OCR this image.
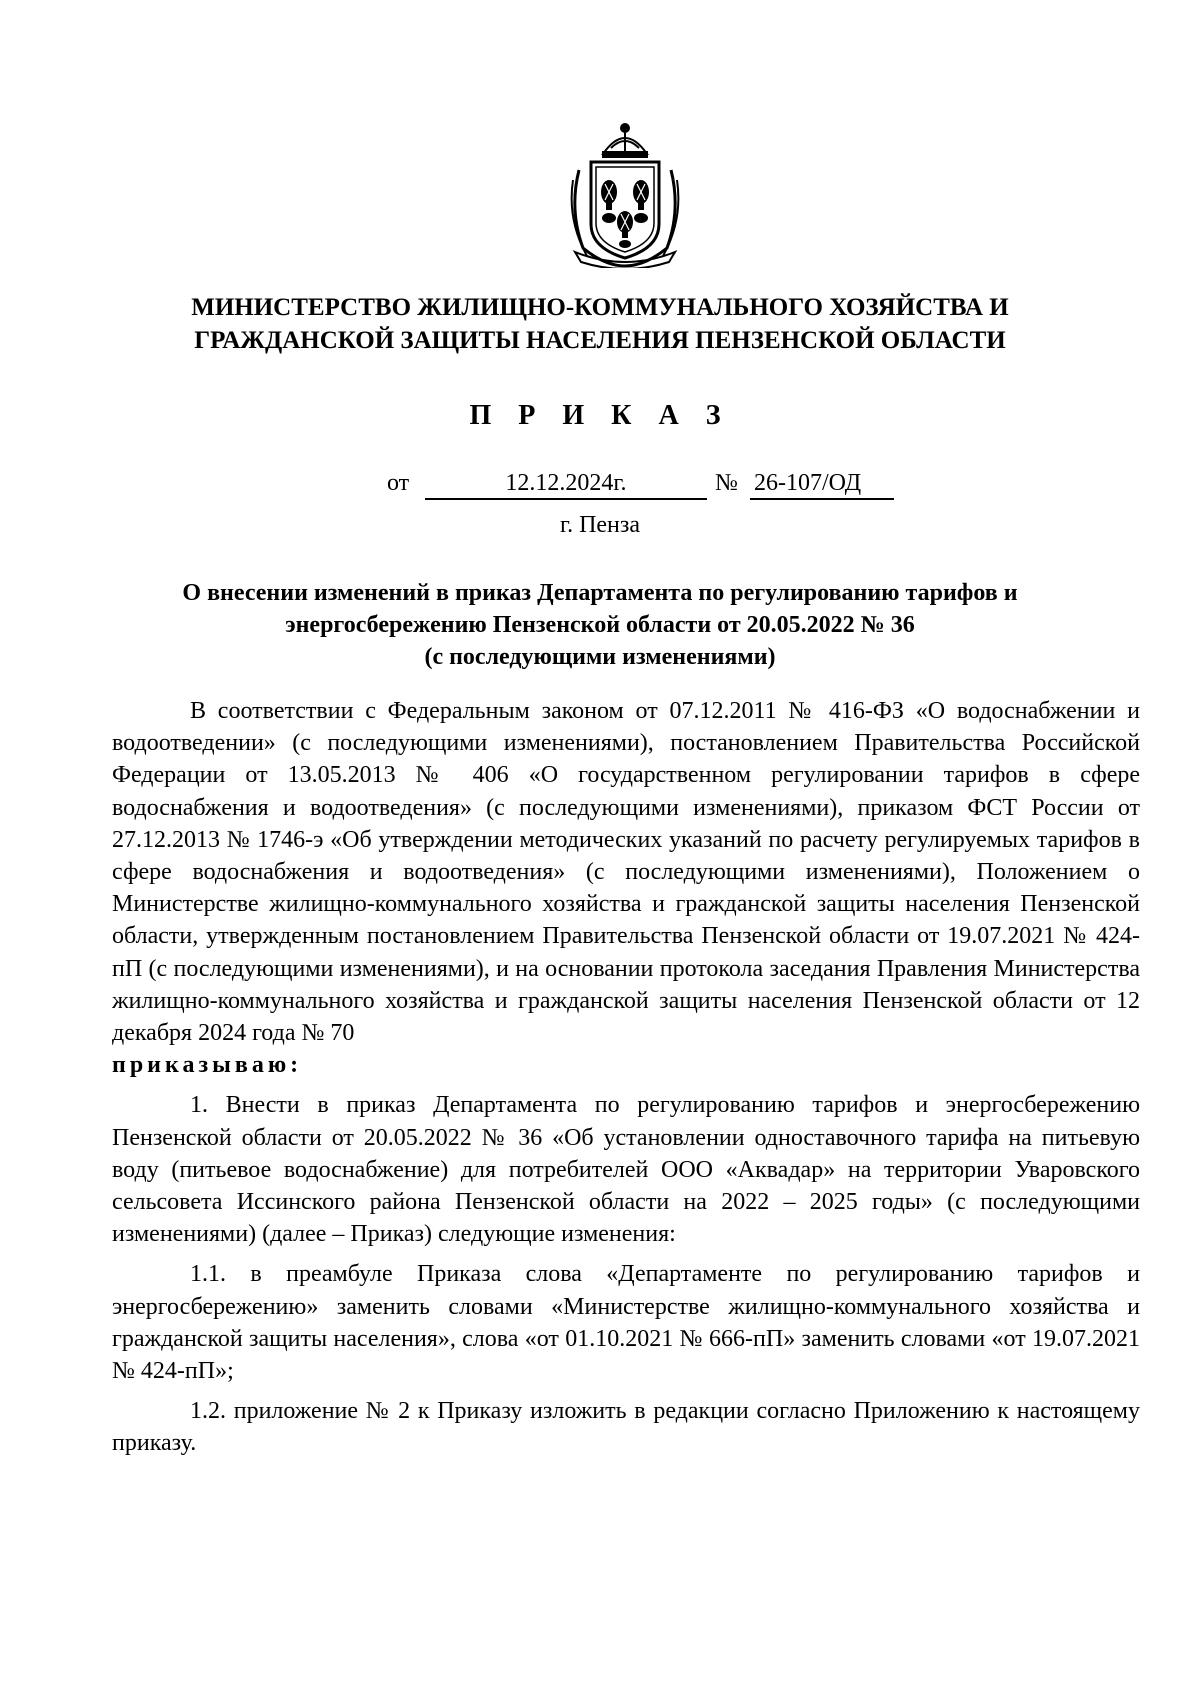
МИНИСТЕРСТВО ЖИЛИЩНО-КОММУНАЛЬНОГО ХОЗЯЙСТВА И
ГРАЖДАНСКОЙ ЗАЩИТЫ НАСЕЛЕНИЯ ПЕНЗЕНСКОЙ ОБЛАСТИ
П Р И К А З
от	12.12.2024г.	№ 26-107/ОД
г. Пенза
О внесении изменений в приказ Департамента по регулированию тарифов и
энергосбережению Пензенской области от 20.05.2022 № 36
(с последующими изменениями)

В соответствии с Федеральным законом от 07.12.2011 № 416-ФЗ «О водоснабжении и водоотведении» (с последующими изменениями), постановлением Правительства Российской Федерации от 13.05.2013 № 406 «О государственном регулировании тарифов в сфере водоснабжения и водоотведения» (с последующими изменениями), приказом ФСТ России от 27.12.2013 № 1746-э «Об утверждении методических указаний по расчету регулируемых тарифов в сфере водоснабжения и водоотведения» (с последующими изменениями), Положением о Министерстве жилищно-коммунального хозяйства и гражданской защиты населения Пензенской области, утвержденным постановлением Правительства Пензенской области от 19.07.2021 № 424-пП (с последующими изменениями), и на основании протокола заседания Правления Министерства жилищно-коммунального хозяйства и гражданской защиты населения Пензенской области от 12 декабря 2024 года № 70

приказываю:

1. Внести в приказ Департамента по регулированию тарифов и энергосбережению Пензенской области от 20.05.2022 № 36 «Об установлении одноставочного тарифа на питьевую воду (питьевое водоснабжение) для потребителей ООО «Аквадар» на территории Уваровского сельсовета Иссинского района Пензенской области на 2022 – 2025 годы» (с последующими изменениями) (далее – Приказ) следующие изменения:

1.1. в преамбуле Приказа слова «Департаменте по регулированию тарифов и энергосбережению» заменить словами «Министерстве жилищно-коммунального хозяйства и гражданской защиты населения», слова «от 01.10.2021 № 666-пП» заменить словами «от 19.07.2021 № 424-пП»;

1.2. приложение № 2 к Приказу изложить в редакции согласно Приложению к настоящему приказу.
